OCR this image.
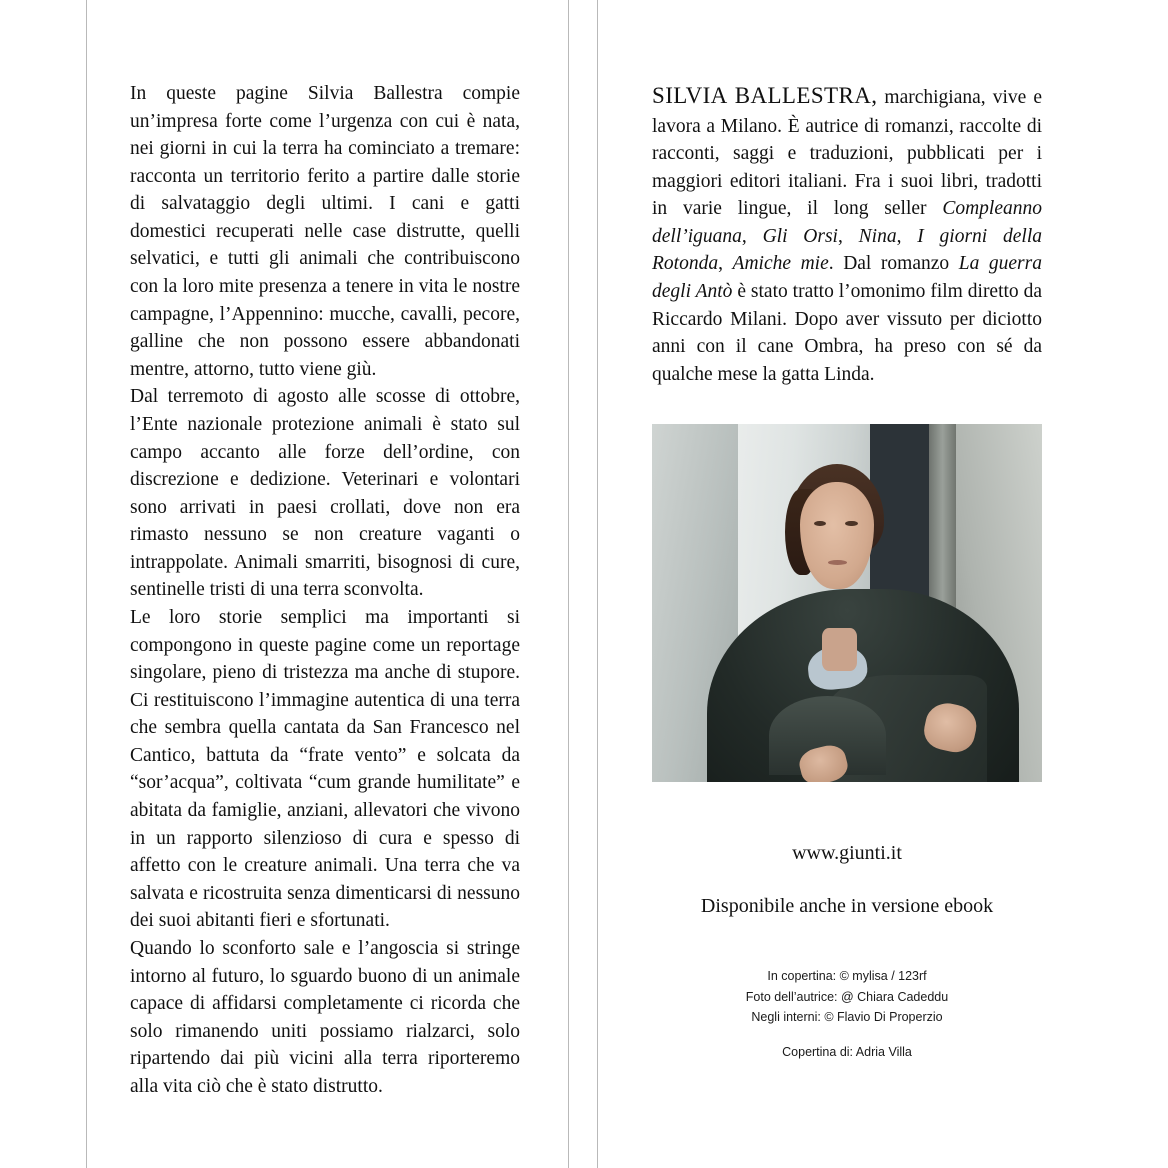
In queste pagine Silvia Ballestra compie un’impresa forte come l’urgenza con cui è nata, nei giorni in cui la terra ha cominciato a tremare: racconta un territorio ferito a partire dalle storie di salvataggio degli ultimi. I cani e gatti domestici recuperati nelle case distrutte, quelli selvatici, e tutti gli animali che contribuiscono con la loro mite presenza a tenere in vita le nostre campagne, l’Appennino: mucche, cavalli, pecore, galline che non possono essere abbandonati mentre, attorno, tutto viene giù.

Dal terremoto di agosto alle scosse di ottobre, l’Ente nazionale protezione animali è stato sul campo accanto alle forze dell’ordine, con discrezione e dedizione. Veterinari e volontari sono arrivati in paesi crollati, dove non era rimasto nessuno se non creature vaganti o intrappolate. Animali smarriti, bisognosi di cure, sentinelle tristi di una terra sconvolta.

Le loro storie semplici ma importanti si compongono in queste pagine come un reportage singolare, pieno di tristezza ma anche di stupore. Ci restituiscono l’immagine autentica di una terra che sembra quella cantata da San Francesco nel Cantico, battuta da “frate vento” e solcata da “sor’acqua”, coltivata “cum grande humilitate” e abitata da famiglie, anziani, allevatori che vivono in un rapporto silenzioso di cura e spesso di affetto con le creature animali. Una terra che va salvata e ricostruita senza dimenticarsi di nessuno dei suoi abitanti fieri e sfortunati.

Quando lo sconforto sale e l’angoscia si stringe intorno al futuro, lo sguardo buono di un animale capace di affidarsi completamente ci ricorda che solo rimanendo uniti possiamo rialzarci, solo ripartendo dai più vicini alla terra riporteremo alla vita ciò che è stato distrutto.

SILVIA BALLESTRA, marchigiana, vive e lavora a Milano. È autrice di romanzi, raccolte di racconti, saggi e traduzioni, pubblicati per i maggiori editori italiani. Fra i suoi libri, tradotti in varie lingue, il long seller Compleanno dell’iguana, Gli Orsi, Nina, I giorni della Rotonda, Amiche mie. Dal romanzo La guerra degli Antò è stato tratto l’omonimo film diretto da Riccardo Milani. Dopo aver vissuto per diciotto anni con il cane Ombra, ha preso con sé da qualche mese la gatta Linda.

www.giunti.it
Disponibile anche in versione ebook
In copertina: © mylisa / 123rf
Foto dell’autrice: @ Chiara Cadeddu
Negli interni: © Flavio Di Properzio
Copertina di: Adria Villa
